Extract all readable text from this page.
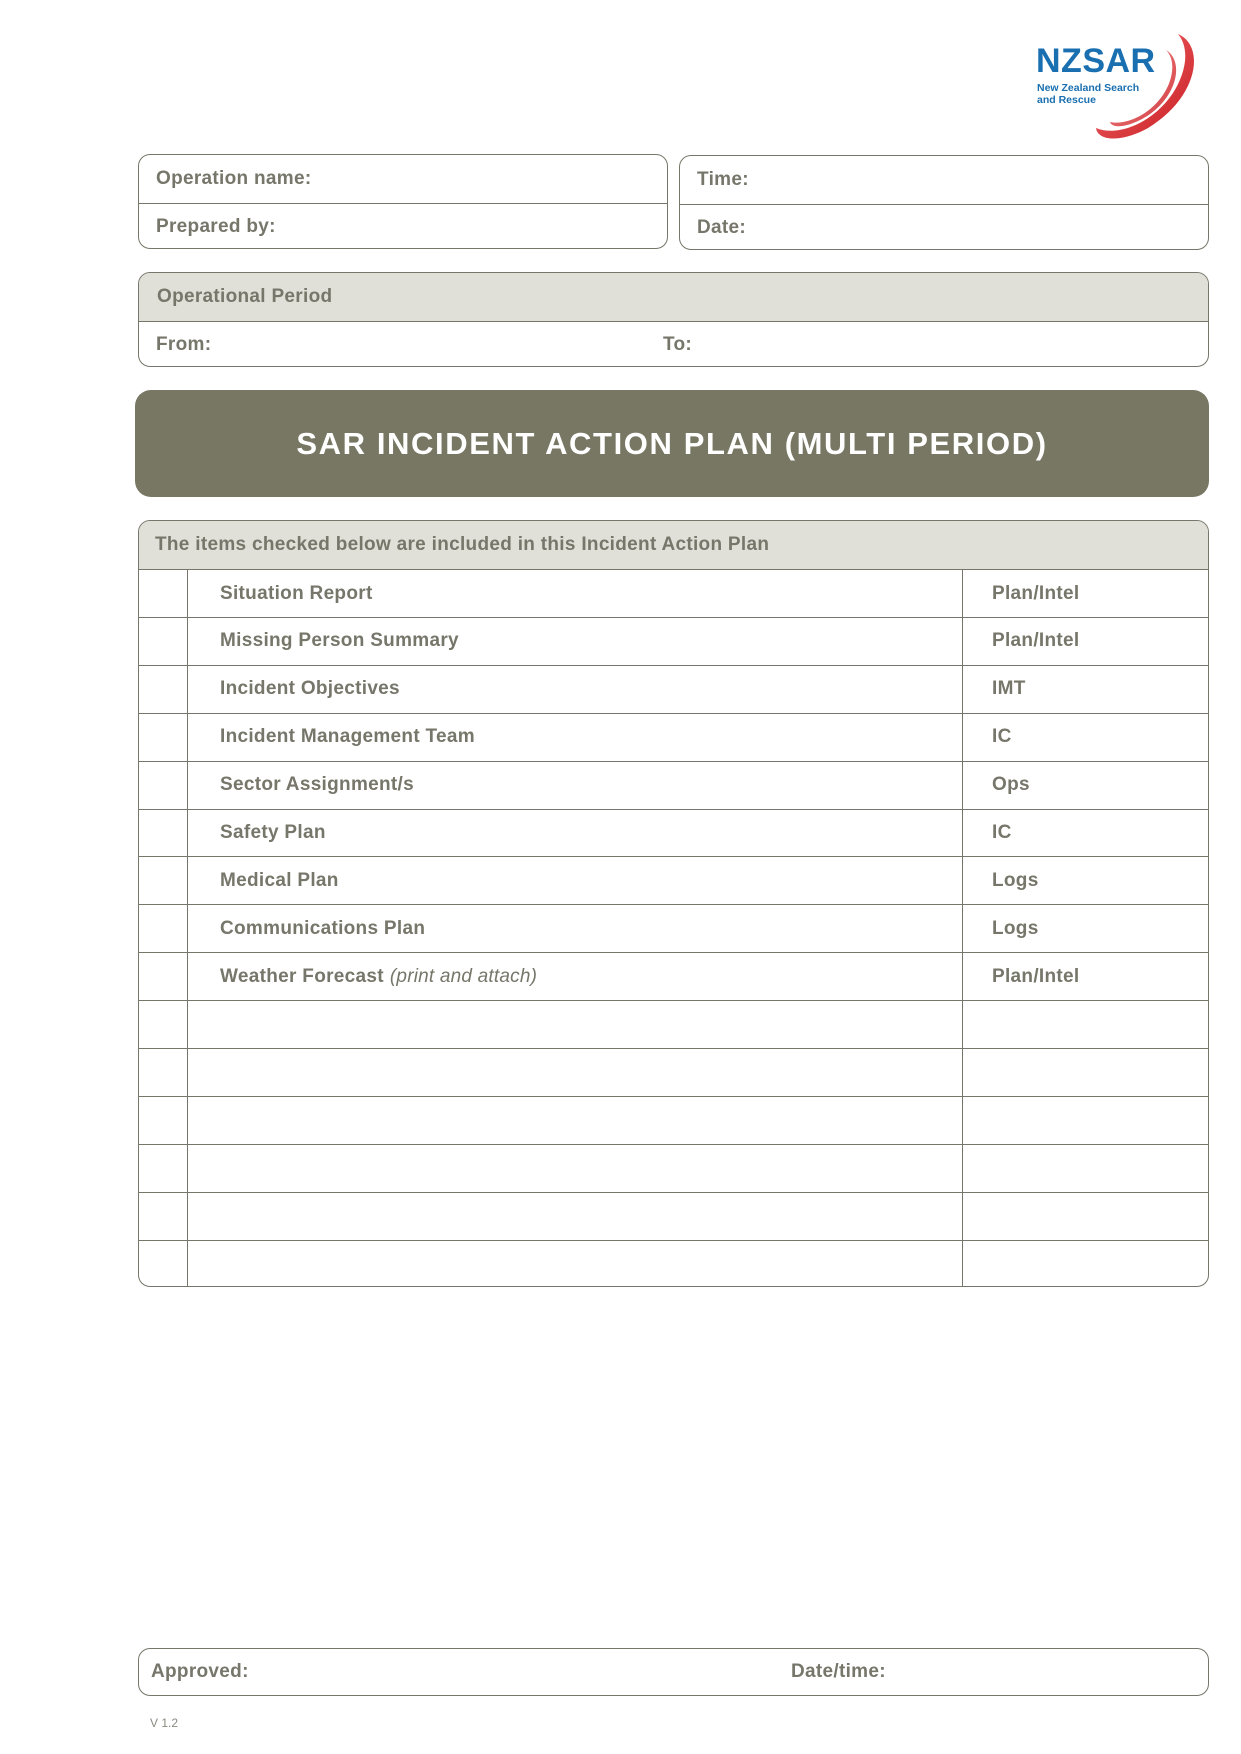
NZSAR
New Zealand Search
and Rescue
Operation name:
Prepared by:
Time:
Date:
Operational Period
From:	To:
SAR INCIDENT ACTION PLAN (MULTI PERIOD)
The items checked below are included in this Incident Action Plan
Situation Report	Plan/Intel
Missing Person Summary	Plan/Intel
Incident Objectives	IMT
Incident Management Team	IC
Sector Assignment/s	Ops
Safety Plan	IC
Medical Plan	Logs
Communications Plan	Logs
Weather Forecast (print and attach)	Plan/Intel
Approved:	Date/time:
V 1.2
